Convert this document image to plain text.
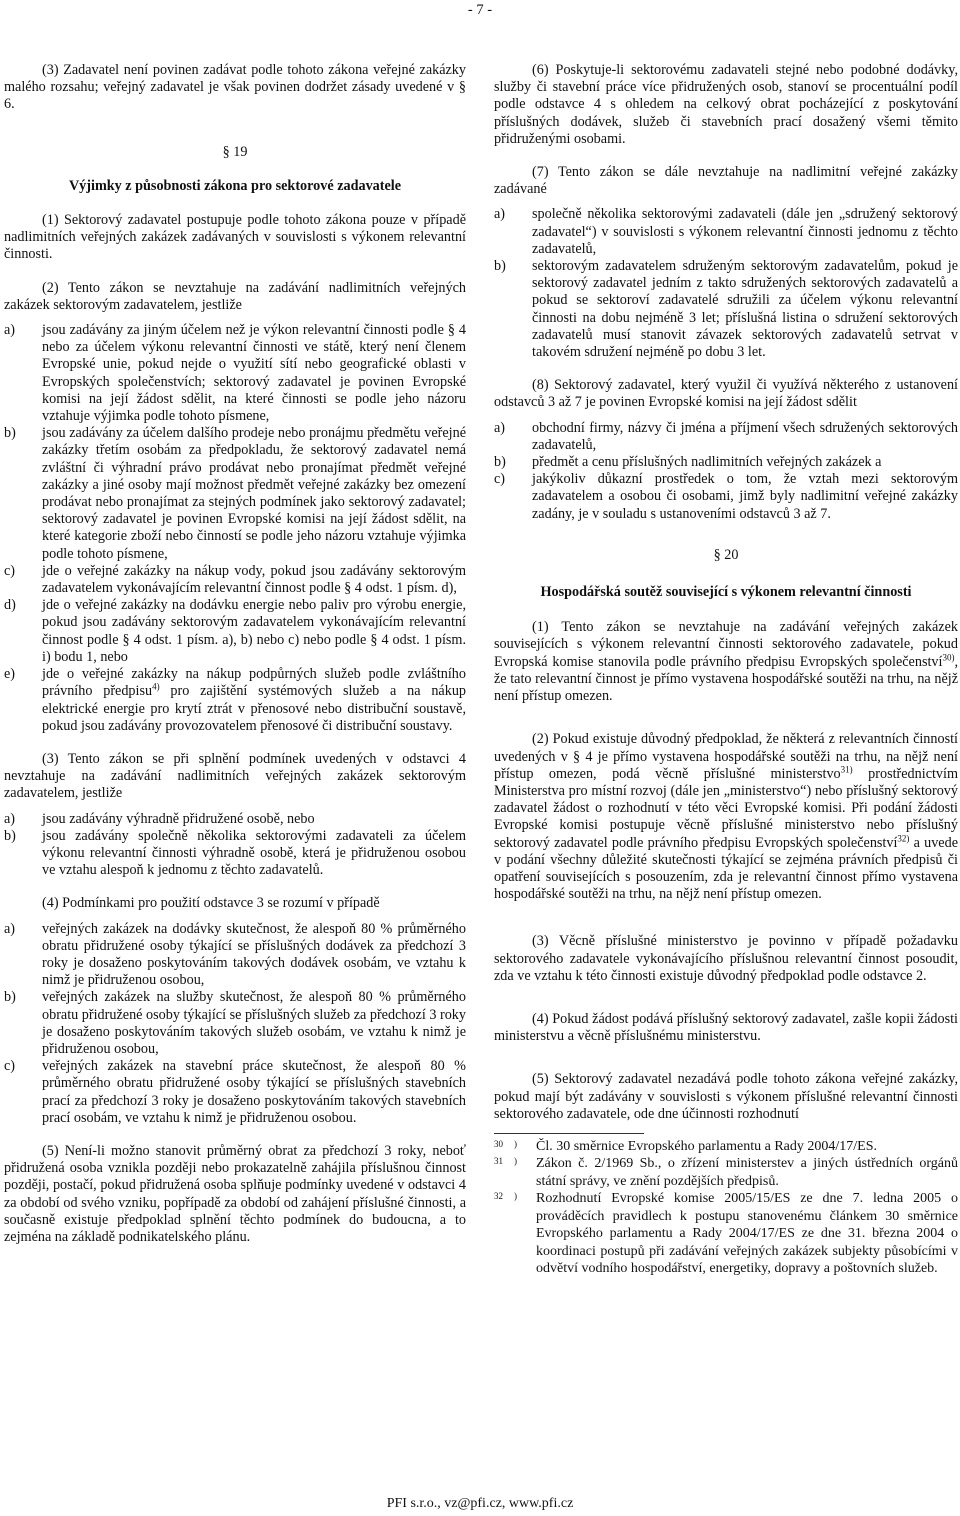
- 7 -

(3) Zadavatel není povinen zadávat podle tohoto zákona veřejné zakázky malého rozsahu; veřejný zadavatel je však povinen dodržet zásady uvedené v § 6.

§ 19

Výjimky z působnosti zákona pro sektorové zadavatele

(1) Sektorový zadavatel postupuje podle tohoto zákona pouze v případě nadlimitních veřejných zakázek zadávaných v souvislosti s výkonem relevantní činnosti.

(2) Tento zákon se nevztahuje na zadávání nadlimitních veřejných zakázek sektorovým zadavatelem, jestliže

a)	jsou zadávány za jiným účelem než je výkon relevantní činnosti podle § 4 nebo za účelem výkonu relevantní činnosti ve státě, který není členem Evropské unie, pokud nejde o využití sítí nebo geografické oblasti v Evropských společenstvích; sektorový zadavatel je povinen Evropské komisi na její žádost sdělit, na které činnosti se podle jeho názoru vztahuje výjimka podle tohoto písmene,
b)	jsou zadávány za účelem dalšího prodeje nebo pronájmu předmětu veřejné zakázky třetím osobám za předpokladu, že sektorový zadavatel nemá zvláštní či výhradní právo prodávat nebo pronajímat předmět veřejné zakázky a jiné osoby mají možnost předmět veřejné zakázky bez omezení prodávat nebo pronajímat za stejných podmínek jako sektorový zadavatel; sektorový zadavatel je povinen Evropské komisi na její žádost sdělit, na které kategorie zboží nebo činností se podle jeho názoru vztahuje výjimka podle tohoto písmene,
c)	jde o veřejné zakázky na nákup vody, pokud jsou zadávány sektorovým zadavatelem vykonávajícím relevantní činnost podle § 4 odst. 1 písm. d),
d)	jde o veřejné zakázky na dodávku energie nebo paliv pro výrobu energie, pokud jsou zadávány sektorovým zadavatelem vykonávajícím relevantní činnost podle § 4 odst. 1 písm. a), b) nebo c) nebo podle § 4 odst. 1 písm. i) bodu 1, nebo
e)	jde o veřejné zakázky na nákup podpůrných služeb podle zvláštního právního předpisu$^{4)}$ pro zajištění systémových služeb a na nákup elektrické energie pro krytí ztrát v přenosové nebo distribuční soustavě, pokud jsou zadávány provozovatelem přenosové či distribuční soustavy.

(3) Tento zákon se při splnění podmínek uvedených v odstavci 4 nevztahuje na zadávání nadlimitních veřejných zakázek sektorovým zadavatelem, jestliže

a)	jsou zadávány výhradně přidružené osobě, nebo
b)	jsou zadávány společně několika sektorovými zadavateli za účelem výkonu relevantní činnosti výhradně osobě, která je přidruženou osobou ve vztahu alespoň k jednomu z těchto zadavatelů.

(4) Podmínkami pro použití odstavce 3 se rozumí v případě

a)	veřejných zakázek na dodávky skutečnost, že alespoň 80 % průměrného obratu přidružené osoby týkající se příslušných dodávek za předchozí 3 roky je dosaženo poskytováním takových dodávek osobám, ve vztahu k nimž je přidruženou osobou,
b)	veřejných zakázek na služby skutečnost, že alespoň 80 % průměrného obratu přidružené osoby týkající se příslušných služeb za předchozí 3 roky je dosaženo poskytováním takových služeb osobám, ve vztahu k nimž je přidruženou osobou,
c)	veřejných zakázek na stavební práce skutečnost, že alespoň 80 % průměrného obratu přidružené osoby týkající se příslušných stavebních prací za předchozí 3 roky je dosaženo poskytováním takových stavebních prací osobám, ve vztahu k nimž je přidruženou osobou.

(5) Není-li možno stanovit průměrný obrat za předchozí 3 roky, neboť přidružená osoba vznikla později nebo prokazatelně zahájila příslušnou činnost později, postačí, pokud přidružená osoba splňuje podmínky uvedené v odstavci 4 za období od svého vzniku, popřípadě za období od zahájení příslušné činnosti, a současně existuje předpoklad splnění těchto podmínek do budoucna, a to zejména na základě podnikatelského plánu.

(6) Poskytuje-li sektorovému zadavateli stejné nebo podobné dodávky, služby či stavební práce více přidružených osob, stanoví se procentuální podíl podle odstavce 4 s ohledem na celkový obrat pocházející z poskytování příslušných dodávek, služeb či stavebních prací dosažený všemi těmito přidruženými osobami.

(7) Tento zákon se dále nevztahuje na nadlimitní veřejné zakázky zadávané

a)	společně několika sektorovými zadavateli (dále jen „sdružený sektorový zadavatel“) v souvislosti s výkonem relevantní činnosti jednomu z těchto zadavatelů,
b)	sektorovým zadavatelem sdruženým sektorovým zadavatelům, pokud je sektorový zadavatel jedním z takto sdružených sektorových zadavatelů a pokud se sektoroví zadavatelé sdružili za účelem výkonu relevantní činnosti na dobu nejméně 3 let; příslušná listina o sdružení sektorových zadavatelů musí stanovit závazek sektorových zadavatelů setrvat v takovém sdružení nejméně po dobu 3 let.

(8) Sektorový zadavatel, který využil či využívá některého z ustanovení odstavců 3 až 7 je povinen Evropské komisi na její žádost sdělit

a)	obchodní firmy, názvy či jména a příjmení všech sdružených sektorových zadavatelů,
b)	předmět a cenu příslušných nadlimitních veřejných zakázek a
c)	jakýkoliv důkazní prostředek o tom, že vztah mezi sektorovým zadavatelem a osobou či osobami, jimž byly nadlimitní veřejné zakázky zadány, je v souladu s ustanoveními odstavců 3 až 7.

§ 20

Hospodářská soutěž související s výkonem relevantní činnosti

(1) Tento zákon se nevztahuje na zadávání veřejných zakázek souvisejících s výkonem relevantní činnosti sektorového zadavatele, pokud Evropská komise stanovila podle právního předpisu Evropských společenství$^{30)}$, že tato relevantní činnost je přímo vystavena hospodářské soutěži na trhu, na nějž není přístup omezen.

(2) Pokud existuje důvodný předpoklad, že některá z relevantních činností uvedených v § 4 je přímo vystavena hospodářské soutěži na trhu, na nějž není přístup omezen, podá věcně příslušné ministerstvo$^{31)}$ prostřednictvím Ministerstva pro místní rozvoj (dále jen „ministerstvo“) nebo příslušný sektorový zadavatel žádost o rozhodnutí v této věci Evropské komisi. Při podání žádosti Evropské komisi postupuje věcně příslušné ministerstvo nebo příslušný sektorový zadavatel podle právního předpisu Evropských společenství$^{32)}$ a uvede v podání všechny důležité skutečnosti týkající se zejména právních předpisů či opatření souvisejících s posouzením, zda je relevantní činnost přímo vystavena hospodářské soutěži na trhu, na nějž není přístup omezen.

(3) Věcně příslušné ministerstvo je povinno v případě požadavku sektorového zadavatele vykonávajícího příslušnou relevantní činnost posoudit, zda ve vztahu k této činnosti existuje důvodný předpoklad podle odstavce 2.

(4) Pokud žádost podává příslušný sektorový zadavatel, zašle kopii žádosti ministerstvu a věcně příslušnému ministerstvu.

(5) Sektorový zadavatel nezadává podle tohoto zákona veřejné zakázky, pokud mají být zadávány v souvislosti s výkonem příslušné relevantní činnosti sektorového zadavatele, ode dne účinnosti rozhodnutí

30	)	Čl. 30 směrnice Evropského parlamentu a Rady 2004/17/ES.
31	)	Zákon č. 2/1969 Sb., o zřízení ministerstev a jiných ústředních orgánů státní správy, ve znění pozdějších předpisů.
32	)	Rozhodnutí Evropské komise 2005/15/ES ze dne 7. ledna 2005 o prováděcích pravidlech k postupu stanovenému článkem 30 směrnice Evropského parlamentu a Rady 2004/17/ES ze dne 31. března 2004 o koordinaci postupů při zadávání veřejných zakázek subjekty působícími v odvětví vodního hospodářství, energetiky, dopravy a poštovních služeb.
PFI s.r.o., vz@pfi.cz, www.pfi.cz
